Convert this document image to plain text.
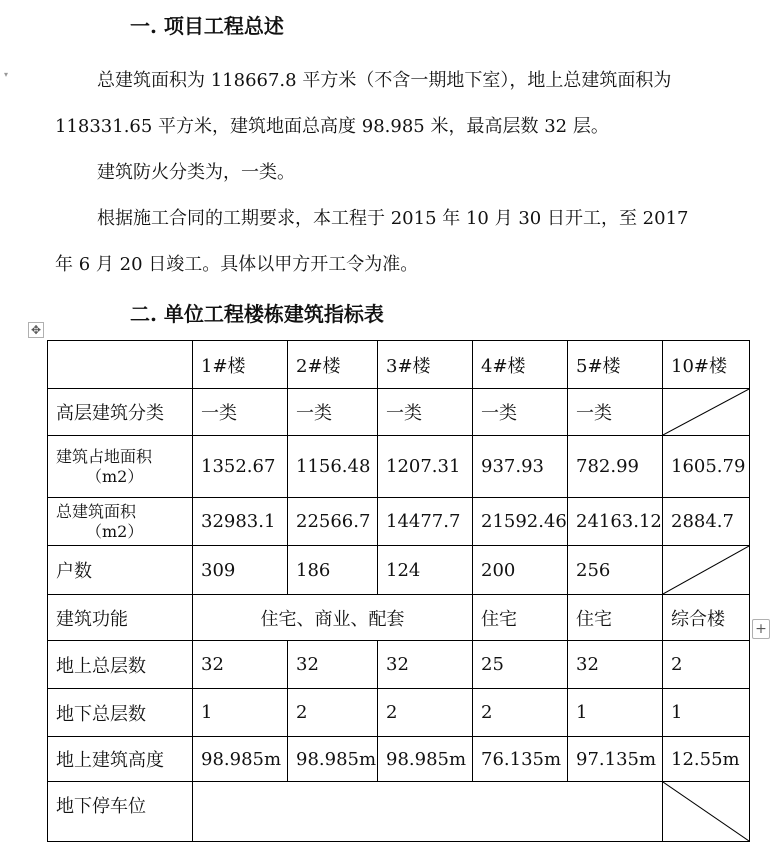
▾
一. 项目工程总述
总建筑面积为 118667.8 平方米（不含一期地下室），地上总建筑面积为
118331.65 平方米，建筑地面总高度 98.985 米，最高层数 32 层。
建筑防火分类为，一类。
根据施工合同的工期要求，本工程于 2015 年 10 月 30 日开工，至 2017
年 6 月 20 日竣工。具体以甲方开工令为准。
二. 单位工程楼栋建筑指标表
✥
+
	1#楼	2#楼	3#楼	4#楼	5#楼	10#楼
高层建筑分类	一类	一类	一类	一类	一类	

建筑占地面积
（m2）	1352.67	1156.48	1207.31	937.93	782.99	1605.79

总建筑面积
（m2）	32983.1	22566.7	14477.7	21592.46	24163.12	2884.7
户数	309	186	124	200	256	

建筑功能	住宅、商业、配套			住宅	住宅	综合楼
地上总层数	32	32	32	25	32	2
地下总层数	1	2	2	2	1	1
地上建筑高度	98.985m	98.985m	98.985m	76.135m	97.135m	12.55m
地下停车位		
